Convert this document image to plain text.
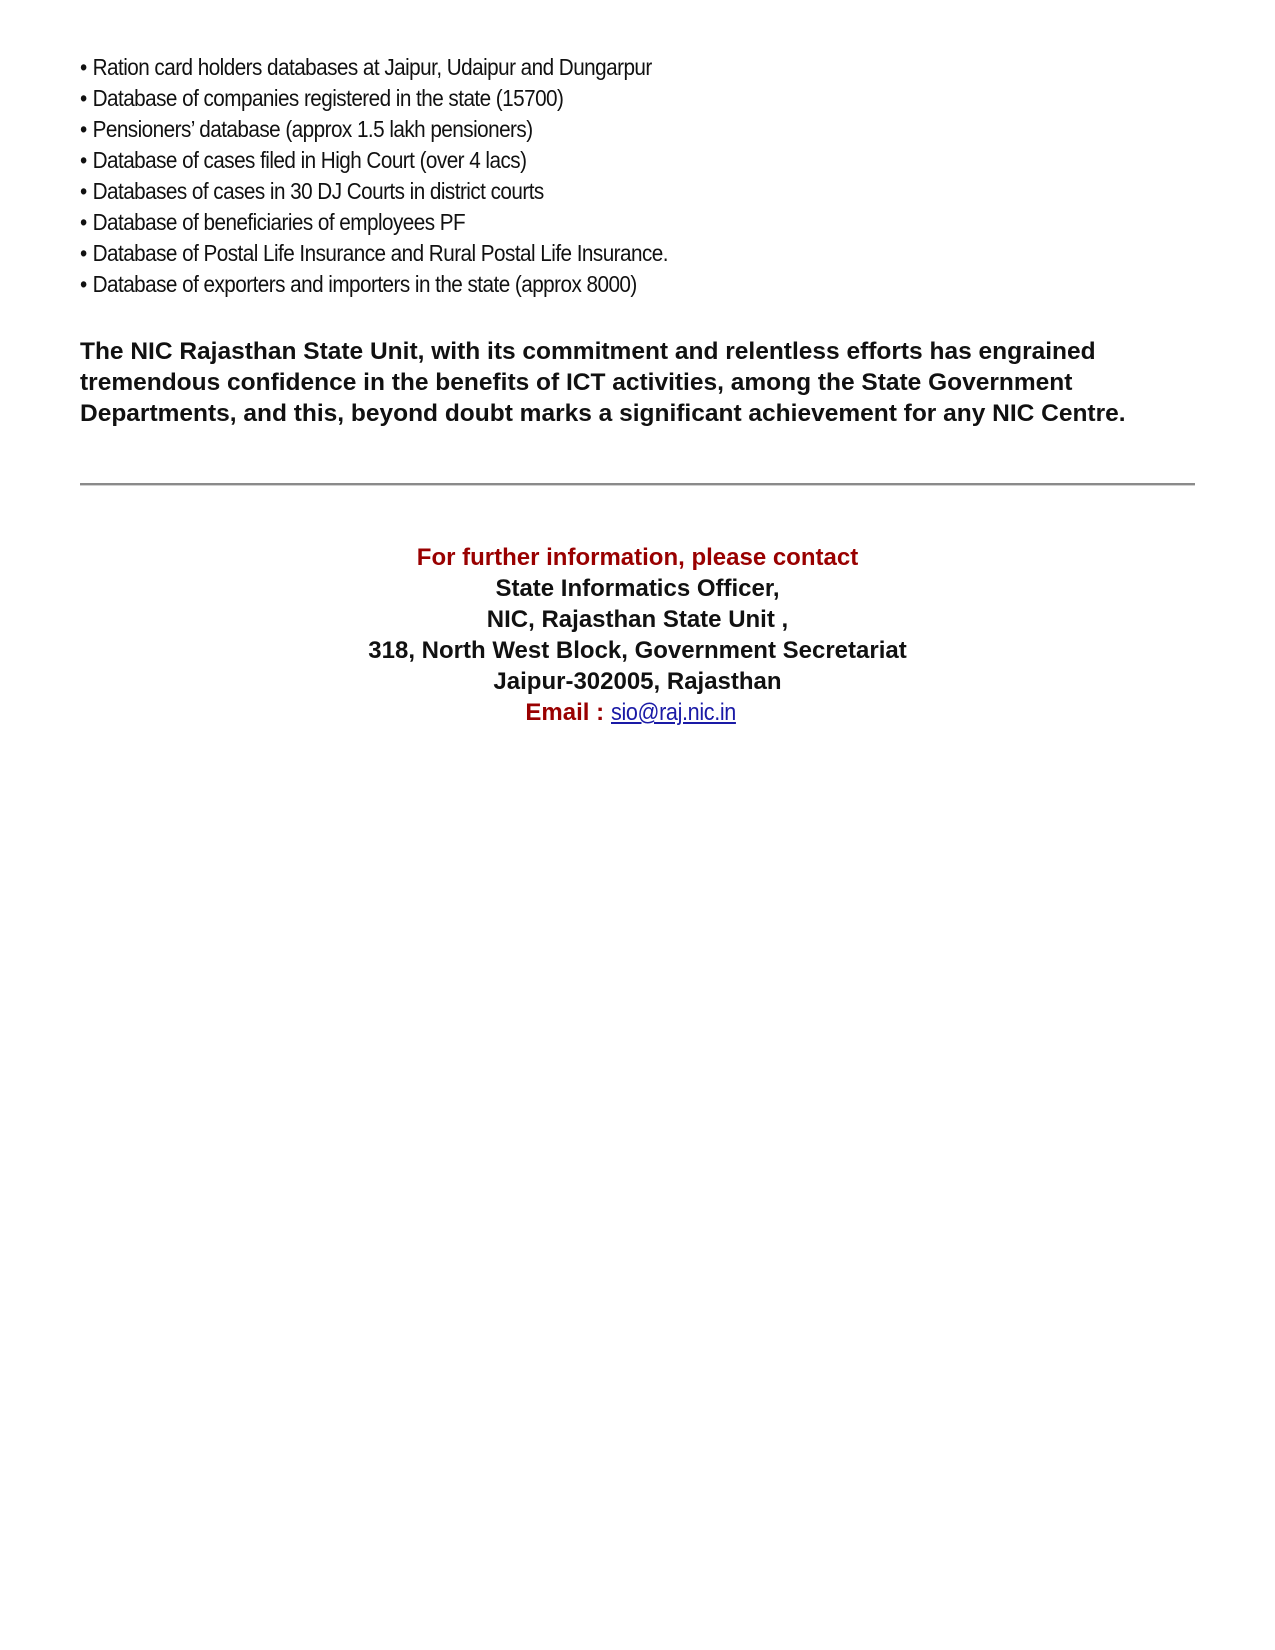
• Ration card holders databases at Jaipur, Udaipur and Dungarpur
• Database of companies registered in the state (15700)
• Pensioners’ database (approx 1.5 lakh pensioners)
• Database of cases filed in High Court (over 4 lacs)
• Databases of cases in 30 DJ Courts in district courts
• Database of beneficiaries of employees PF
• Database of Postal Life Insurance and Rural Postal Life Insurance.
• Database of exporters and importers in the state (approx 8000)

The NIC Rajasthan State Unit, with its commitment and relentless efforts has engrained tremendous confidence in the benefits of ICT activities, among the State Government Departments, and this, beyond doubt marks a significant achievement for any NIC Centre.

For further information, please contact
State Informatics Officer,
NIC, Rajasthan State Unit ,
318, North West Block, Government Secretariat
Jaipur-302005, Rajasthan
Email : sio@raj.nic.in
